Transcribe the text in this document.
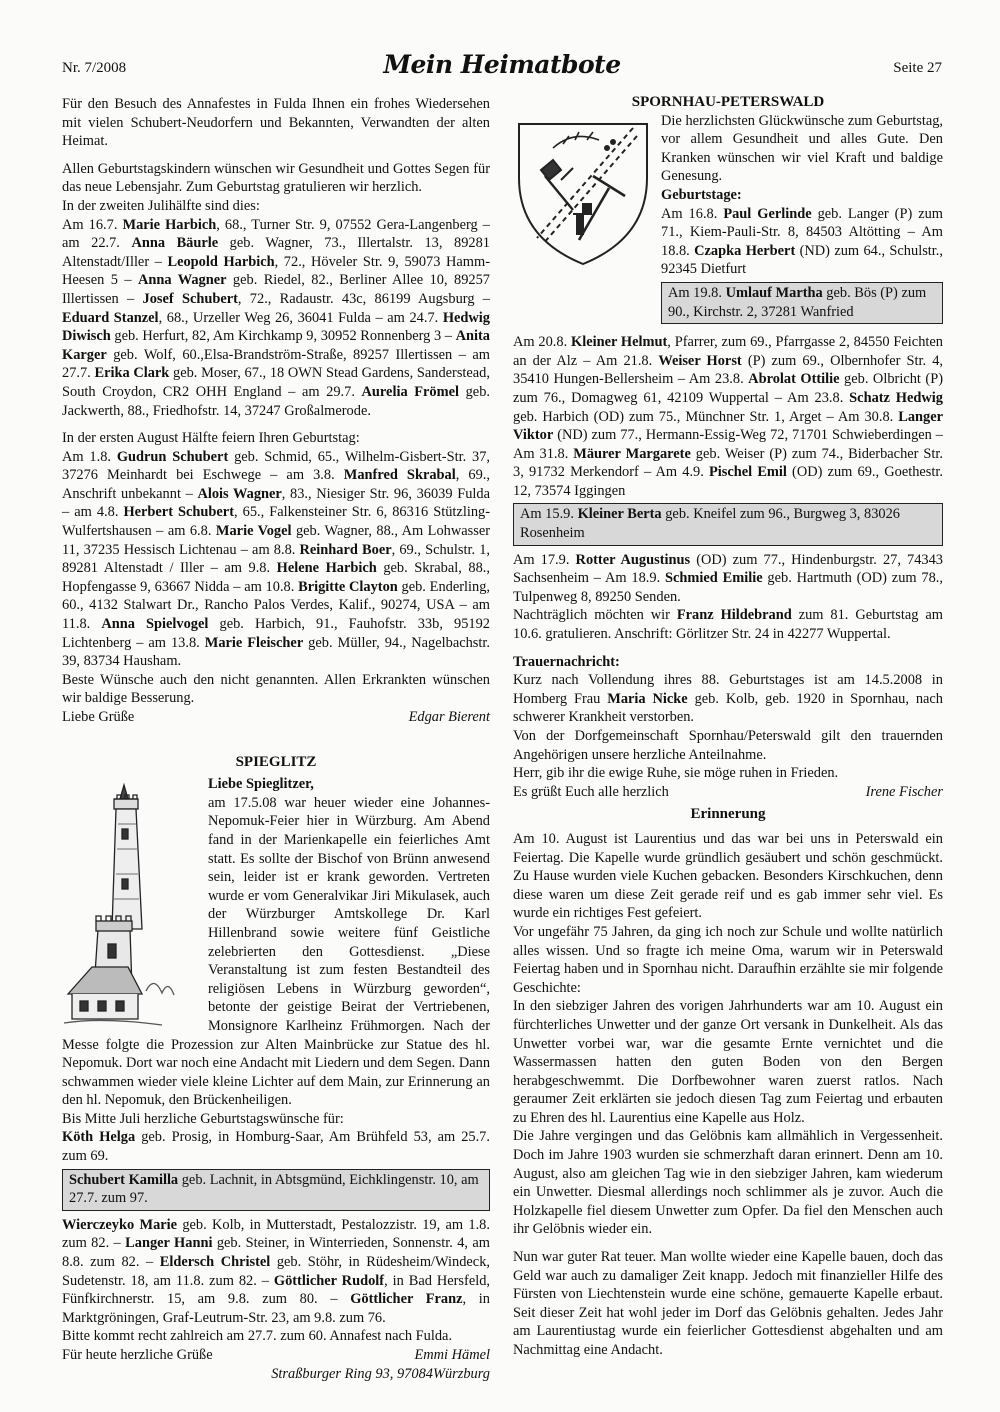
Nr. 7/2008	Mein Heimatbote	Seite 27

Für den Besuch des Annafestes in Fulda Ihnen ein frohes Wiedersehen mit vielen Schubert-Neudorfern und Bekannten, Verwandten der alten Heimat.

Allen Geburtstagskindern wünschen wir Gesundheit und Gottes Segen für das neue Lebensjahr. Zum Geburtstag gratulieren wir herzlich.

In der zweiten Julihälfte sind dies:

Am 16.7. Marie Harbich, 68., Turner Str. 9, 07552 Gera-Langenberg – am 22.7. Anna Bäurle geb. Wagner, 73., Illertalstr. 13, 89281 Altenstadt/Iller – Leopold Harbich, 72., Höveler Str. 9, 59073 Hamm-Heesen 5 – Anna Wagner geb. Riedel, 82., Berliner Allee 10, 89257 Illertissen – Josef Schubert, 72., Radaustr. 43c, 86199 Augsburg – Eduard Stanzel, 68., Urzeller Weg 26, 36041 Fulda – am 24.7. Hedwig Diwisch geb. Herfurt, 82, Am Kirchkamp 9, 30952 Ronnenberg 3 – Anita Karger geb. Wolf, 60.,Elsa-Brandström-Straße, 89257 Illertissen – am 27.7. Erika Clark geb. Moser, 67., 18 OWN Stead Gardens, Sanderstead, South Croydon, CR2 OHH England – am 29.7. Aurelia Frömel geb. Jackwerth, 88., Friedhofstr. 14, 37247 Großalmerode.

In der ersten August Hälfte feiern Ihren Geburtstag:

Am 1.8. Gudrun Schubert geb. Schmid, 65., Wilhelm-Gisbert-Str. 37, 37276 Meinhardt bei Eschwege – am 3.8. Manfred Skrabal, 69., Anschrift unbekannt – Alois Wagner, 83., Niesiger Str. 96, 36039 Fulda – am 4.8. Herbert Schubert, 65., Falkensteiner Str. 6, 86316 Stützling-Wulfertshausen – am 6.8. Marie Vogel geb. Wagner, 88., Am Lohwasser 11, 37235 Hessisch Lichtenau – am 8.8. Reinhard Boer, 69., Schulstr. 1, 89281 Altenstadt / Iller – am 9.8. Helene Harbich geb. Skrabal, 88., Hopfengasse 9, 63667 Nidda – am 10.8. Brigitte Clayton geb. Enderling, 60., 4132 Stalwart Dr., Rancho Palos Verdes, Kalif., 90274, USA – am 11.8. Anna Spielvogel geb. Harbich, 91., Fauhofstr. 33b, 95192 Lichtenberg – am 13.8. Marie Fleischer geb. Müller, 94., Nagelbachstr. 39, 83734 Hausham.

Beste Wünsche auch den nicht genannten. Allen Erkrankten wünschen wir baldige Besserung.

Liebe Grüße	Edgar Bierent

SPIEGLITZ

Liebe Spieglitzer,

am 17.5.08 war heuer wieder eine Johannes-Nepomuk-Feier hier in Würzburg. Am Abend fand in der Marienkapelle ein feierliches Amt statt. Es sollte der Bischof von Brünn anwesend sein, leider ist er krank geworden. Vertreten wurde er vom Generalvikar Jiri Mikulasek, auch der Würzburger Amtskollege Dr. Karl Hillenbrand sowie weitere fünf Geistliche zelebrierten den Gottesdienst. „Diese Veranstaltung ist zum festen Bestandteil des religiösen Lebens in Würzburg geworden“, betonte der geistige Beirat der Vertriebenen, Monsignore Karlheinz Frühmorgen. Nach der Messe folgte die Prozession zur Alten Mainbrücke zur Statue des hl. Nepomuk. Dort war noch eine Andacht mit Liedern und dem Segen. Dann schwammen wieder viele kleine Lichter auf dem Main, zur Erinnerung an den hl. Nepomuk, den Brückenheiligen.

Bis Mitte Juli herzliche Geburtstagswünsche für:

Köth Helga geb. Prosig, in Homburg-Saar, Am Brühfeld 53, am 25.7. zum 69.

Schubert Kamilla geb. Lachnit, in Abtsgmünd, Eichklingenstr. 10, am 27.7. zum 97.

Wierczeyko Marie geb. Kolb, in Mutterstadt, Pestalozzistr. 19, am 1.8. zum 82. – Langer Hanni geb. Steiner, in Winterrieden, Sonnenstr. 4, am 8.8. zum 82. – Eldersch Christel geb. Stöhr, in Rüdesheim/Windeck, Sudetenstr. 18, am 11.8. zum 82. – Göttlicher Rudolf, in Bad Hersfeld, Fünfkirchnerstr. 15, am 9.8. zum 80. – Göttlicher Franz, in Marktgröningen, Graf-Leutrum-Str. 23, am 9.8. zum 76.

Bitte kommt recht zahlreich am 27.7. zum 60. Annafest nach Fulda.

Für heute herzliche Grüße	Emmi Hämel

Straßburger Ring 93, 97084Würzburg

SPORNHAU-PETERSWALD

Die herzlichsten Glückwünsche zum Geburtstag, vor allem Gesundheit und alles Gute. Den Kranken wünschen wir viel Kraft und baldige Genesung.

Geburtstage:

Am 16.8. Paul Gerlinde geb. Langer (P) zum 71., Kiem-Pauli-Str. 8, 84503 Altötting – Am 18.8. Czapka Herbert (ND) zum 64., Schulstr., 92345 Dietfurt

Am 19.8. Umlauf Martha geb. Bös (P) zum 90., Kirchstr. 2, 37281 Wanfried

Am 20.8. Kleiner Helmut, Pfarrer, zum 69., Pfarrgasse 2, 84550 Feichten an der Alz – Am 21.8. Weiser Horst (P) zum 69., Olbernhofer Str. 4, 35410 Hungen-Bellersheim – Am 23.8. Abrolat Ottilie geb. Olbricht (P) zum 76., Domagweg 61, 42109 Wuppertal – Am 23.8. Schatz Hedwig geb. Harbich (OD) zum 75., Münchner Str. 1, Arget – Am 30.8. Langer Viktor (ND) zum 77., Hermann-Essig-Weg 72, 71701 Schwieberdingen – Am 31.8. Mäurer Margarete geb. Weiser (P) zum 74., Biderbacher Str. 3, 91732 Merkendorf – Am 4.9. Pischel Emil (OD) zum 69., Goethestr. 12, 73574 Iggingen

Am 15.9. Kleiner Berta geb. Kneifel zum 96., Burgweg 3, 83026 Rosenheim

Am 17.9. Rotter Augustinus (OD) zum 77., Hindenburgstr. 27, 74343 Sachsenheim – Am 18.9. Schmied Emilie geb. Hartmuth (OD) zum 78., Tulpenweg 8, 89250 Senden.

Nachträglich möchten wir Franz Hildebrand zum 81. Geburtstag am 10.6. gratulieren. Anschrift: Görlitzer Str. 24 in 42277 Wuppertal.

Trauernachricht:

Kurz nach Vollendung ihres 88. Geburtstages ist am 14.5.2008 in Homberg Frau Maria Nicke geb. Kolb, geb. 1920 in Spornhau, nach schwerer Krankheit verstorben.

Von der Dorfgemeinschaft Spornhau/Peterswald gilt den trauernden Angehörigen unsere herzliche Anteilnahme.

Herr, gib ihr die ewige Ruhe, sie möge ruhen in Frieden.

Es grüßt Euch alle herzlich	Irene Fischer

Erinnerung

Am 10. August ist Laurentius und das war bei uns in Peterswald ein Feiertag. Die Kapelle wurde gründlich gesäubert und schön geschmückt. Zu Hause wurden viele Kuchen gebacken. Besonders Kirschkuchen, denn diese waren um diese Zeit gerade reif und es gab immer sehr viel. Es wurde ein richtiges Fest gefeiert.

Vor ungefähr 75 Jahren, da ging ich noch zur Schule und wollte natürlich alles wissen. Und so fragte ich meine Oma, warum wir in Peterswald Feiertag haben und in Spornhau nicht. Daraufhin erzählte sie mir folgende Geschichte:

In den siebziger Jahren des vorigen Jahrhunderts war am 10. August ein fürchterliches Unwetter und der ganze Ort versank in Dunkelheit. Als das Unwetter vorbei war, war die gesamte Ernte vernichtet und die Wassermassen hatten den guten Boden von den Bergen herabgeschwemmt. Die Dorfbewohner waren zuerst ratlos. Nach geraumer Zeit erklärten sie jedoch diesen Tag zum Feiertag und erbauten zu Ehren des hl. Laurentius eine Kapelle aus Holz.

Die Jahre vergingen und das Gelöbnis kam allmählich in Vergessenheit. Doch im Jahre 1903 wurden sie schmerzhaft daran erinnert. Denn am 10. August, also am gleichen Tag wie in den siebziger Jahren, kam wiederum ein Unwetter. Diesmal allerdings noch schlimmer als je zuvor. Auch die Holzkapelle fiel diesem Unwetter zum Opfer. Da fiel den Menschen auch ihr Gelöbnis wieder ein.

Nun war guter Rat teuer. Man wollte wieder eine Kapelle bauen, doch das Geld war auch zu damaliger Zeit knapp. Jedoch mit finanzieller Hilfe des Fürsten von Liechtenstein wurde eine schöne, gemauerte Kapelle erbaut. Seit dieser Zeit hat wohl jeder im Dorf das Gelöbnis gehalten. Jedes Jahr am Laurentiustag wurde ein feierlicher Gottesdienst abgehalten und am Nachmittag eine Andacht.
